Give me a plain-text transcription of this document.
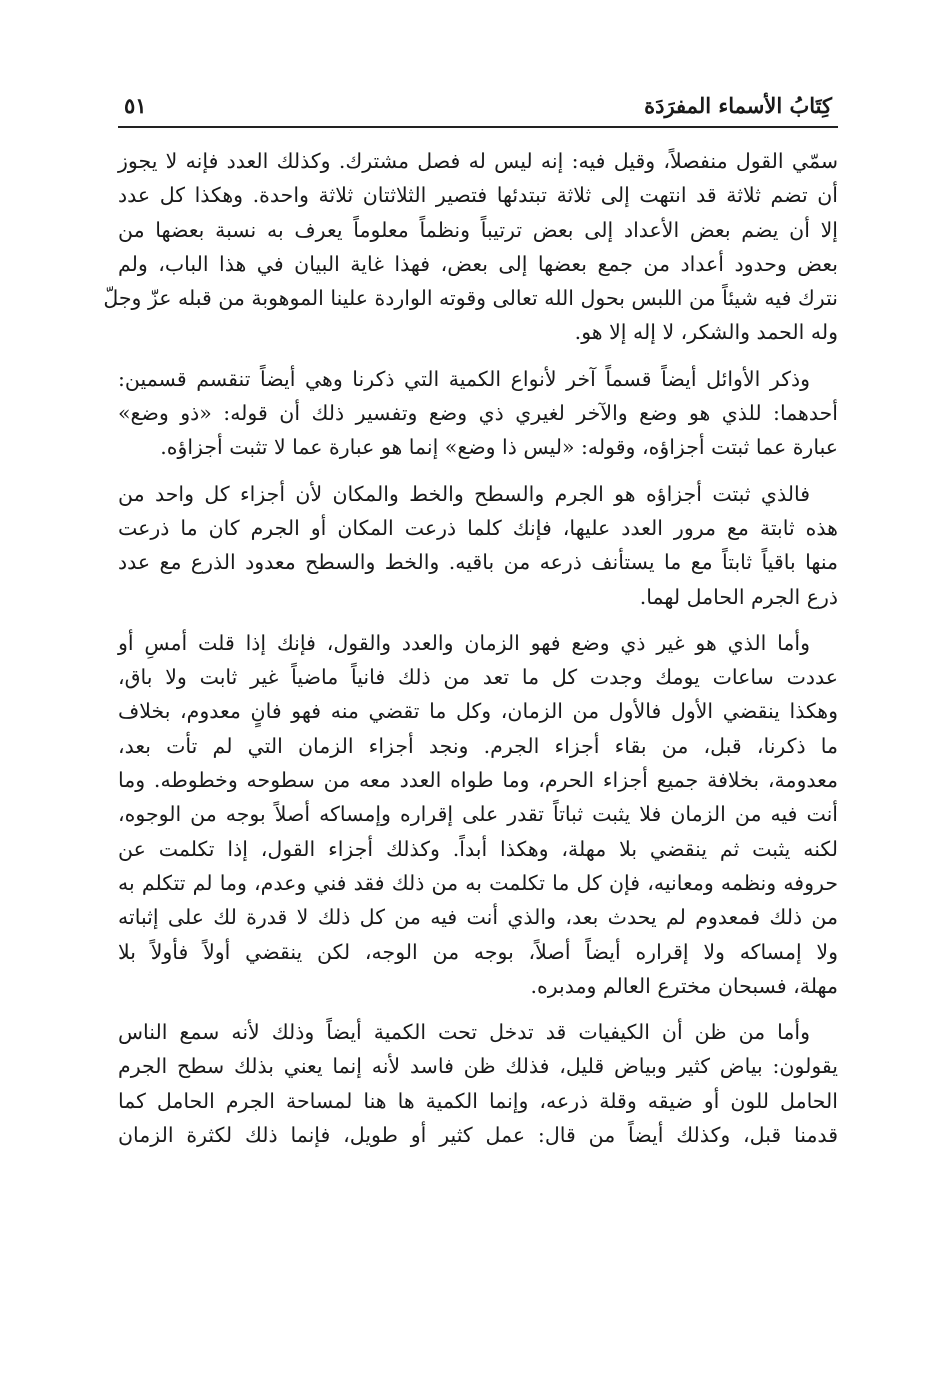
كِتَابُ الأسماء المفرَدَة
٥١
سمّي القول منفصلاً، وقيل فيه: إنه ليس له فصل مشترك. وكذلك العدد فإنه لا يجوز
أن تضم ثلاثة قد انتهت إلى ثلاثة تبتدئها فتصير الثلاثتان ثلاثة واحدة. وهكذا كل عدد
إلا أن يضم بعض الأعداد إلى بعض ترتيباً ونظماً معلوماً يعرف به نسبة بعضها من
بعض وحدود أعداد من جمع بعضها إلى بعض، فهذا غاية البيان في هذا الباب، ولم
نترك فيه شيئاً من اللبس بحول الله تعالى وقوته الواردة علينا الموهوبة من قبله عزّ وجلّ
وله الحمد والشكر، لا إله إلا هو.
وذكر الأوائل أيضاً قسماً آخر لأنواع الكمية التي ذكرنا وهي أيضاً تنقسم قسمين:
أحدهما: للذي هو وضع والآخر لغيري ذي وضع وتفسير ذلك أن قوله: «ذو وضع»
عبارة عما ثبتت أجزاؤه، وقوله: «ليس ذا وضع» إنما هو عبارة عما لا تثبت أجزاؤه.
فالذي ثبتت أجزاؤه هو الجرم والسطح والخط والمكان لأن أجزاء كل واحد من
هذه ثابتة مع مرور العدد عليها، فإنك كلما ذرعت المكان أو الجرم كان ما ذرعت
منها باقياً ثابتاً مع ما يستأنف ذرعه من باقيه. والخط والسطح معدود الذرع مع عدد
ذرع الجرم الحامل لهما.
وأما الذي هو غير ذي وضع فهو الزمان والعدد والقول، فإنك إذا قلت أمسِ أو
عددت ساعات يومك وجدت كل ما تعد من ذلك فانياً ماضياً غير ثابت ولا باق،
وهكذا ينقضي الأول فالأول من الزمان، وكل ما تقضي منه فهو فانٍ معدوم، بخلاف
ما ذكرنا، قبل، من بقاء أجزاء الجرم. ونجد أجزاء الزمان التي لم تأت بعد،
معدومة، بخلافة جميع أجزاء الحرم، وما طواه العدد معه من سطوحه وخطوطه. وما
أنت فيه من الزمان فلا يثبت ثباتاً تقدر على إقراره وإمساكه أصلاً بوجه من الوجوه،
لكنه يثبت ثم ينقضي بلا مهلة، وهكذا أبداً. وكذلك أجزاء القول، إذا تكلمت عن
حروفه ونظمه ومعانيه، فإن كل ما تكلمت به من ذلك فقد فني وعدم، وما لم تتكلم به
من ذلك فمعدوم لم يحدث بعد، والذي أنت فيه من كل ذلك لا قدرة لك على إثباته
ولا إمساكه ولا إقراره أيضاً أصلاً، بوجه من الوجه، لكن ينقضي أولاً فأولاً بلا
مهلة، فسبحان مخترع العالم ومدبره.
وأما من ظن أن الكيفيات قد تدخل تحت الكمية أيضاً وذلك لأنه سمع الناس
يقولون: بياض كثير وبياض قليل، فذلك ظن فاسد لأنه إنما يعني بذلك سطح الجرم
الحامل للون أو ضيقه وقلة ذرعه، وإنما الكمية ها هنا لمساحة الجرم الحامل كما
قدمنا قبل، وكذلك أيضاً من قال: عمل كثير أو طويل، فإنما ذلك لكثرة الزمان
